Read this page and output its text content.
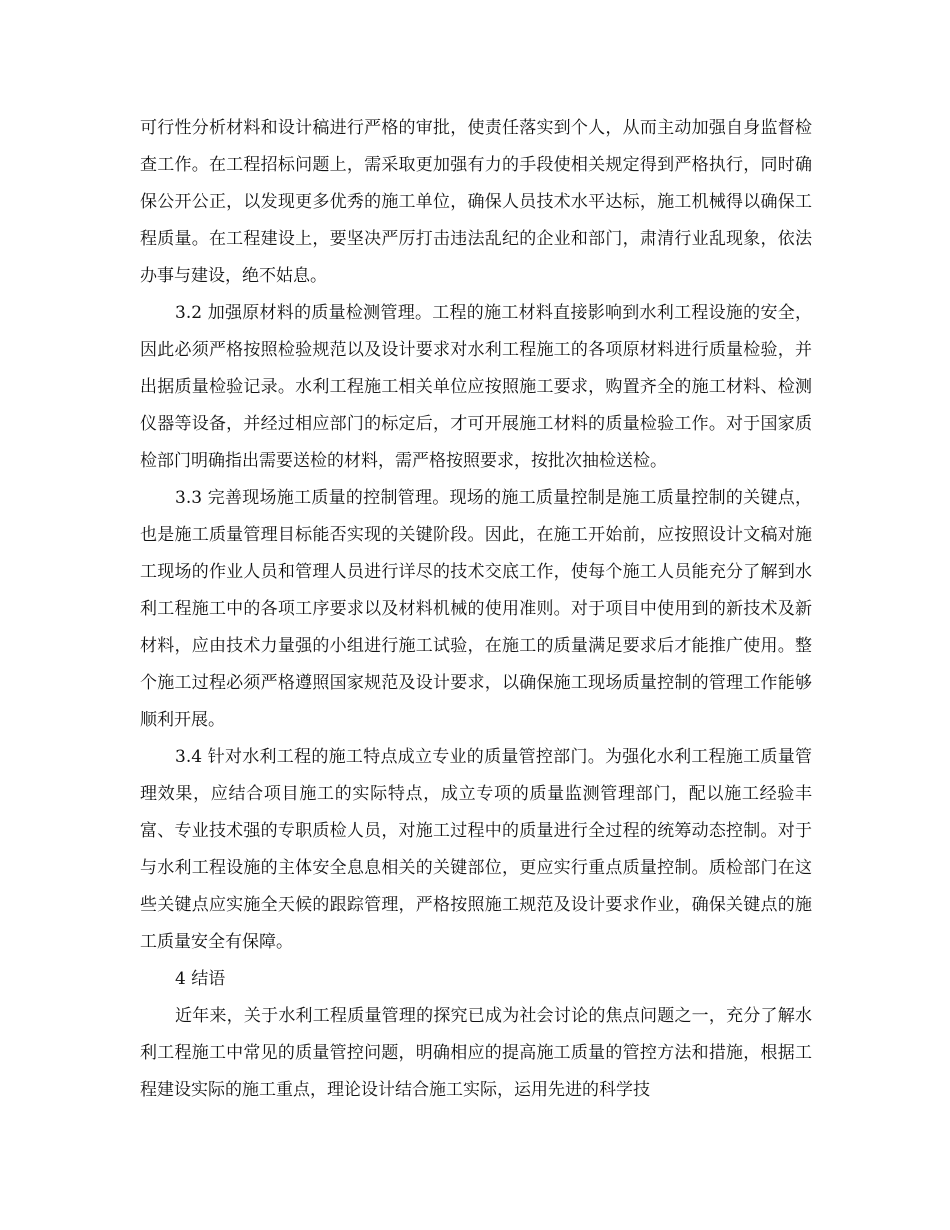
可行性分析材料和设计稿进行严格的审批，使责任落实到个人，从而主动加强自身监督检查工作。在工程招标问题上，需采取更加强有力的手段使相关规定得到严格执行，同时确保公开公正，以发现更多优秀的施工单位，确保人员技术水平达标，施工机械得以确保工程质量。在工程建设上，要坚决严厉打击违法乱纪的企业和部门，肃清行业乱现象，依法办事与建设，绝不姑息。

3.2 加强原材料的质量检测管理。工程的施工材料直接影响到水利工程设施的安全，因此必须严格按照检验规范以及设计要求对水利工程施工的各项原材料进行质量检验，并出据质量检验记录。水利工程施工相关单位应按照施工要求，购置齐全的施工材料、检测仪器等设备，并经过相应部门的标定后，才可开展施工材料的质量检验工作。对于国家质检部门明确指出需要送检的材料，需严格按照要求，按批次抽检送检。

3.3 完善现场施工质量的控制管理。现场的施工质量控制是施工质量控制的关键点，也是施工质量管理目标能否实现的关键阶段。因此，在施工开始前，应按照设计文稿对施工现场的作业人员和管理人员进行详尽的技术交底工作，使每个施工人员能充分了解到水利工程施工中的各项工序要求以及材料机械的使用准则。对于项目中使用到的新技术及新材料，应由技术力量强的小组进行施工试验，在施工的质量满足要求后才能推广使用。整个施工过程必须严格遵照国家规范及设计要求，以确保施工现场质量控制的管理工作能够顺利开展。

3.4 针对水利工程的施工特点成立专业的质量管控部门。为强化水利工程施工质量管理效果，应结合项目施工的实际特点，成立专项的质量监测管理部门，配以施工经验丰富、专业技术强的专职质检人员，对施工过程中的质量进行全过程的统筹动态控制。对于与水利工程设施的主体安全息息相关的关键部位，更应实行重点质量控制。质检部门在这些关键点应实施全天候的跟踪管理，严格按照施工规范及设计要求作业，确保关键点的施工质量安全有保障。

4 结语

近年来，关于水利工程质量管理的探究已成为社会讨论的焦点问题之一，充分了解水利工程施工中常见的质量管控问题，明确相应的提高施工质量的管控方法和措施，根据工程建设实际的施工重点，理论设计结合施工实际，运用先进的科学技
